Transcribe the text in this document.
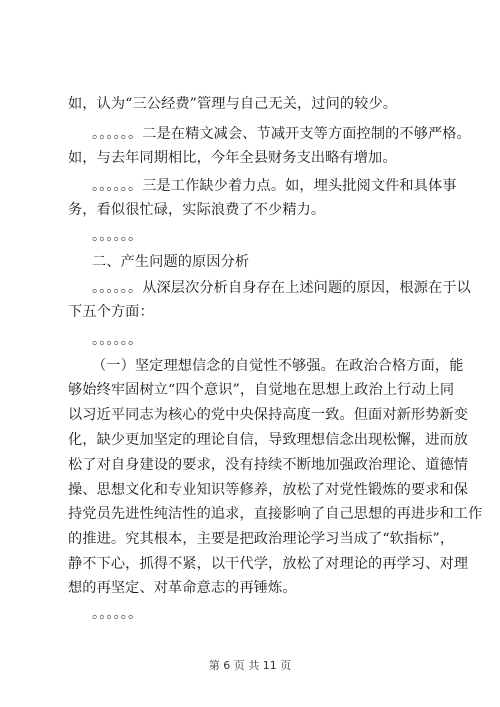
如，认为“三公经费”管理与自己无关，过问的较少。
。。。。。。二是在精文减会、节减开支等方面控制的不够严格。
如，与去年同期相比，今年全县财务支出略有增加。
。。。。。。三是工作缺少着力点。如，埋头批阅文件和具体事
务，看似很忙碌，实际浪费了不少精力。
。。。。。。
二、产生问题的原因分析
。。。。。。从深层次分析自身存在上述问题的原因，根源在于以
下五个方面：
。。。。。。
（一）坚定理想信念的自觉性不够强。在政治合格方面，能
够始终牢固树立“四个意识”，自觉地在思想上政治上行动上同
以习近平同志为核心的党中央保持高度一致。但面对新形势新变
化，缺少更加坚定的理论自信，导致理想信念出现松懈，进而放
松了对自身建设的要求，没有持续不断地加强政治理论、道德情
操、思想文化和专业知识等修养，放松了对党性锻炼的要求和保
持党员先进性纯洁性的追求，直接影响了自己思想的再进步和工作
的推进。究其根本，主要是把政治理论学习当成了“软指标”，
静不下心，抓得不紧，以干代学，放松了对理论的再学习、对理
想的再坚定、对革命意志的再锤炼。
。。。。。。
第 6 页 共 11 页
